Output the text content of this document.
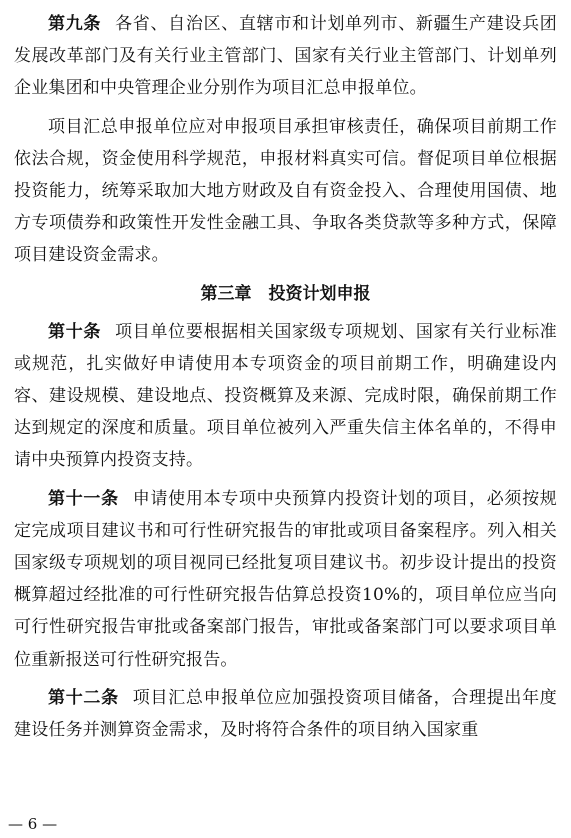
第九条 各省、自治区、直辖市和计划单列市、新疆生产建设兵团发展改革部门及有关行业主管部门、国家有关行业主管部门、计划单列企业集团和中央管理企业分别作为项目汇总申报单位。

项目汇总申报单位应对申报项目承担审核责任，确保项目前期工作依法合规，资金使用科学规范，申报材料真实可信。督促项目单位根据投资能力，统筹采取加大地方财政及自有资金投入、合理使用国债、地方专项债券和政策性开发性金融工具、争取各类贷款等多种方式，保障项目建设资金需求。

第三章 投资计划申报

第十条 项目单位要根据相关国家级专项规划、国家有关行业标准或规范，扎实做好申请使用本专项资金的项目前期工作，明确建设内容、建设规模、建设地点、投资概算及来源、完成时限，确保前期工作达到规定的深度和质量。项目单位被列入严重失信主体名单的，不得申请中央预算内投资支持。

第十一条 申请使用本专项中央预算内投资计划的项目，必须按规定完成项目建议书和可行性研究报告的审批或项目备案程序。列入相关国家级专项规划的项目视同已经批复项目建议书。初步设计提出的投资概算超过经批准的可行性研究报告估算总投资10%的，项目单位应当向可行性研究报告审批或备案部门报告，审批或备案部门可以要求项目单位重新报送可行性研究报告。

第十二条 项目汇总申报单位应加强投资项目储备，合理提出年度建设任务并测算资金需求，及时将符合条件的项目纳入国家重

— 6 —
